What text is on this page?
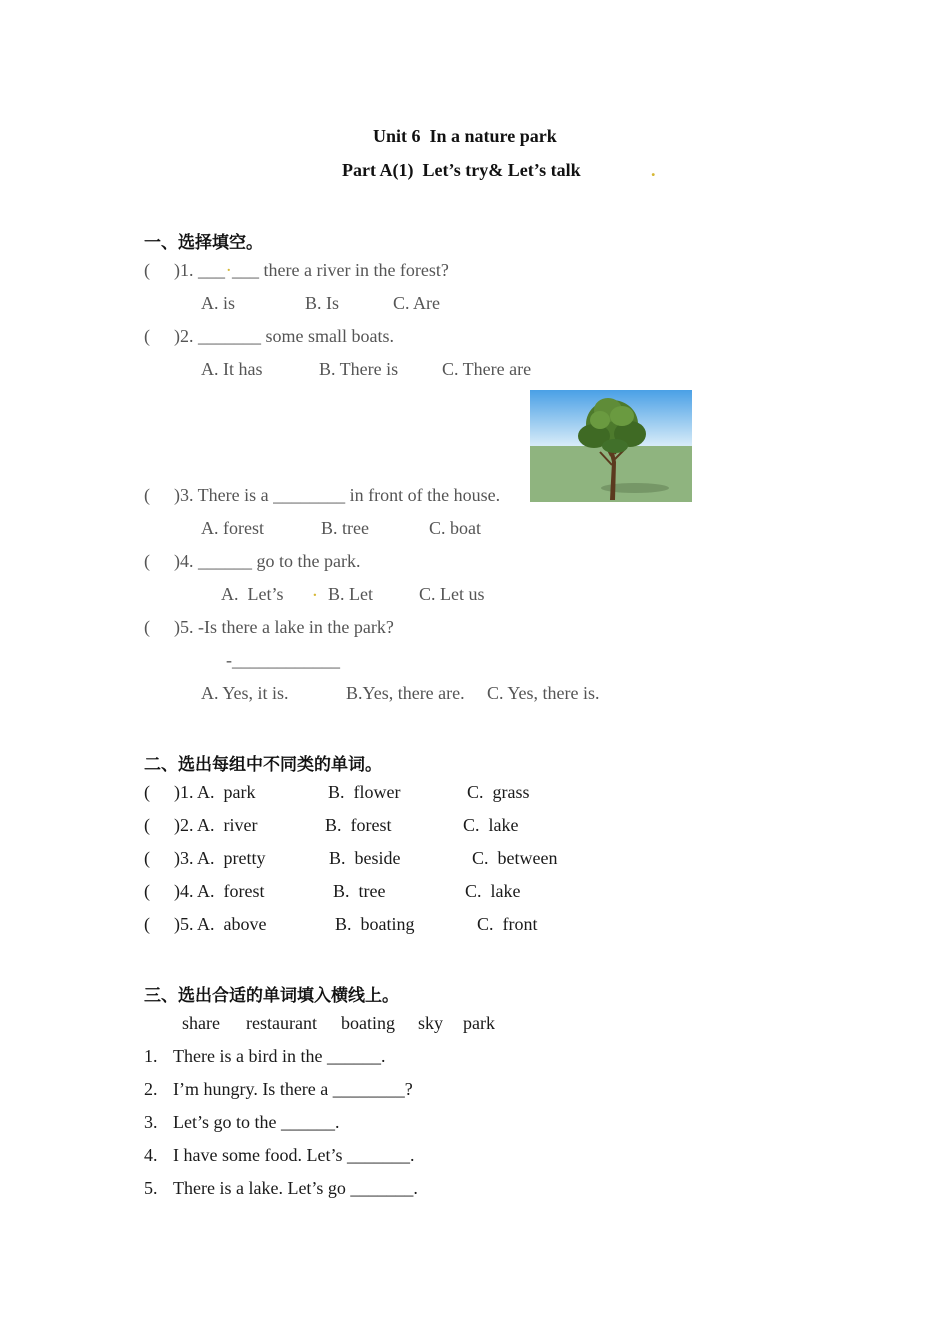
Unit 6  In a nature park
Part A(1)  Let’s try& Let’s talk	.
一、选择填空。
( )1. ___ . ___ there a river in the forest?
A. is	B. Is	C. Are
( )2. _______ some small boats.
A. It has	B. There is C. There are
( )3. There is a ________ in front of the house.
A. forest	B. tree	C. boat
( )4. ______ go to the park.
A.  Let’s . B. Let	C. Let us
( )5. -Is there a lake in the park?
-____________
A. Yes, it is.	B.Yes, there are. C. Yes, there is.
二、选出每组中不同类的单词。
( )1. A.  park	B.  flower	C.  grass
( )2. A.  river	B.  forest	C.  lake
( )3. A.  pretty	B.  beside	C.  between
( )4. A.  forest	B.  tree	C.  lake
( )5. A.  above	B.  boating	C.  front
三、选出合适的单词填入横线上。
share restaurant boating sky park
1. There is a bird in the ______.
2. I’m hungry. Is there a ________?
3. Let’s go to the ______.
4. I have some food. Let’s _______.
5. There is a lake. Let’s go _______.
